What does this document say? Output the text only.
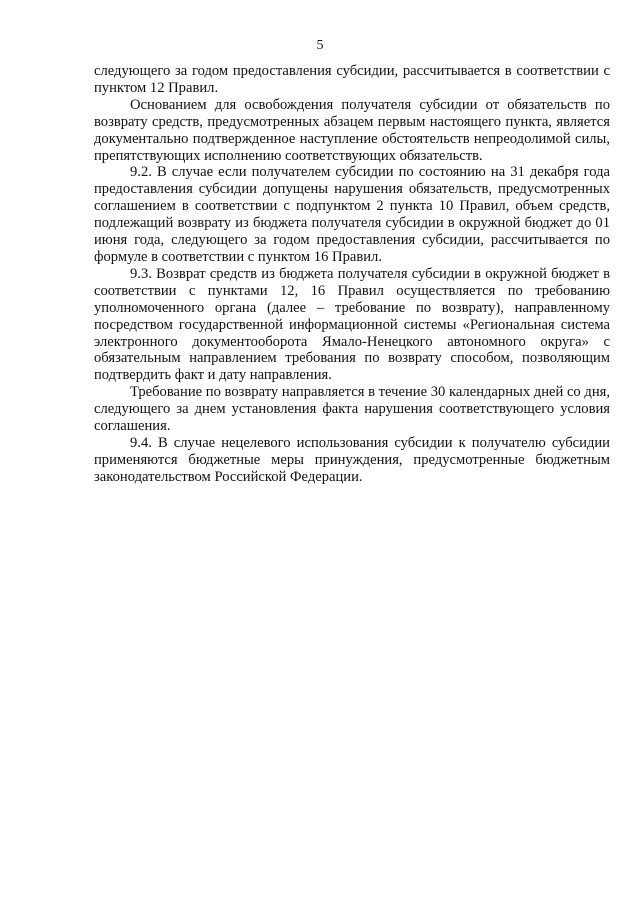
5

следующего за годом предоставления субсидии, рассчитывается в соответствии с пунктом 12 Правил.

Основанием для освобождения получателя субсидии от обязательств по возврату средств, предусмотренных абзацем первым настоящего пункта, является документально подтвержденное наступление обстоятельств непреодолимой силы, препятствующих исполнению соответствующих обязательств.

9.2. В случае если получателем субсидии по состоянию на 31 декабря года предоставления субсидии допущены нарушения обязательств, предусмотренных соглашением в соответствии с подпунктом 2 пункта 10 Правил, объем средств, подлежащий возврату из бюджета получателя субсидии в окружной бюджет до 01 июня года, следующего за годом предоставления субсидии, рассчитывается по формуле в соответствии с пунктом 16 Правил.

9.3. Возврат средств из бюджета получателя субсидии в окружной бюджет в соответствии с пунктами 12, 16 Правил осуществляется по требованию уполномоченного органа (далее – требование по возврату), направленному посредством государственной информационной системы «Региональная система электронного документооборота Ямало-Ненецкого автономного округа» с обязательным направлением требования по возврату способом, позволяющим подтвердить факт и дату направления.

Требование по возврату направляется в течение 30 календарных дней со дня, следующего за днем установления факта нарушения соответствующего условия соглашения.

9.4. В случае нецелевого использования субсидии к получателю субсидии применяются бюджетные меры принуждения, предусмотренные бюджетным законодательством Российской Федерации.
